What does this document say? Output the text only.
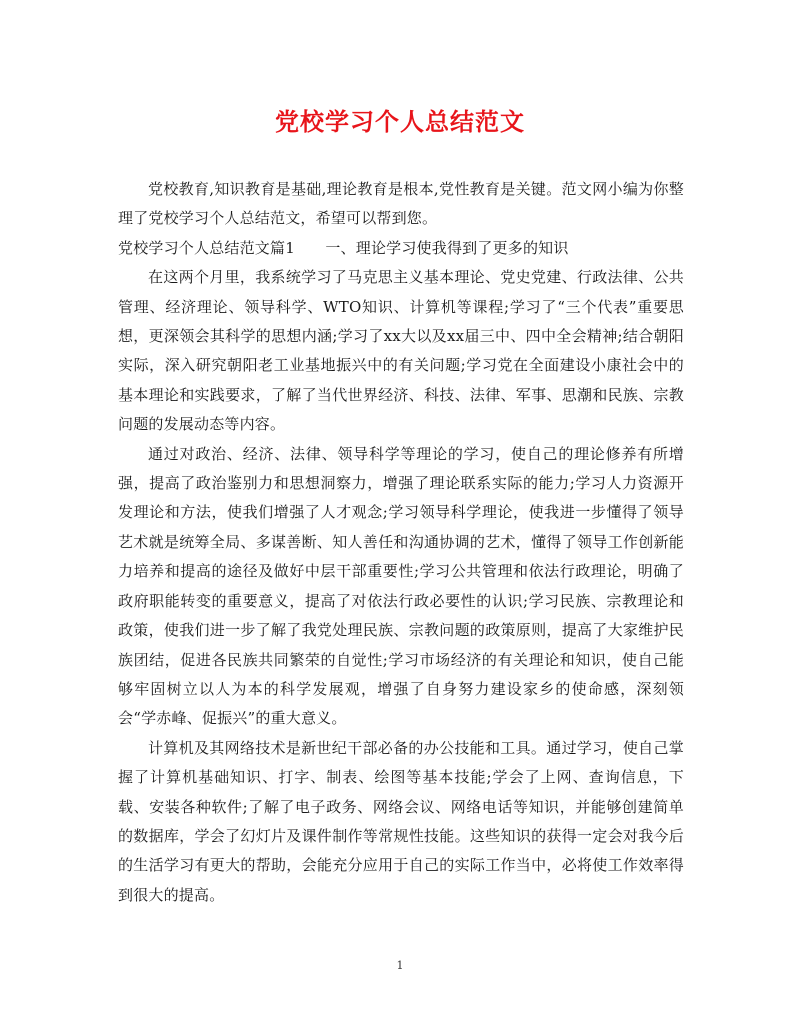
党校学习个人总结范文

党校教育,知识教育是基础,理论教育是根本,党性教育是关键。范文网小编为你整理了党校学习个人总结范文，希望可以帮到您。

党校学习个人总结范文篇1　　一、理论学习使我得到了更多的知识

在这两个月里，我系统学习了马克思主义基本理论、党史党建、行政法律、公共管理、经济理论、领导科学、WTO知识、计算机等课程;学习了“三个代表”重要思想，更深领会其科学的思想内涵;学习了xx大以及xx届三中、四中全会精神;结合朝阳实际，深入研究朝阳老工业基地振兴中的有关问题;学习党在全面建设小康社会中的基本理论和实践要求，了解了当代世界经济、科技、法律、军事、思潮和民族、宗教问题的发展动态等内容。

通过对政治、经济、法律、领导科学等理论的学习，使自己的理论修养有所增强，提高了政治鉴别力和思想洞察力，增强了理论联系实际的能力;学习人力资源开发理论和方法，使我们增强了人才观念;学习领导科学理论，使我进一步懂得了领导艺术就是统筹全局、多谋善断、知人善任和沟通协调的艺术，懂得了领导工作创新能力培养和提高的途径及做好中层干部重要性;学习公共管理和依法行政理论，明确了政府职能转变的重要意义，提高了对依法行政必要性的认识;学习民族、宗教理论和政策，使我们进一步了解了我党处理民族、宗教问题的政策原则，提高了大家维护民族团结，促进各民族共同繁荣的自觉性;学习市场经济的有关理论和知识，使自己能够牢固树立以人为本的科学发展观，增强了自身努力建设家乡的使命感，深刻领会“学赤峰、促振兴”的重大意义。

计算机及其网络技术是新世纪干部必备的办公技能和工具。通过学习，使自己掌握了计算机基础知识、打字、制表、绘图等基本技能;学会了上网、查询信息，下载、安装各种软件;了解了电子政务、网络会议、网络电话等知识，并能够创建简单的数据库，学会了幻灯片及课件制作等常规性技能。这些知识的获得一定会对我今后的生活学习有更大的帮助，会能充分应用于自己的实际工作当中，必将使工作效率得到很大的提高。

1
